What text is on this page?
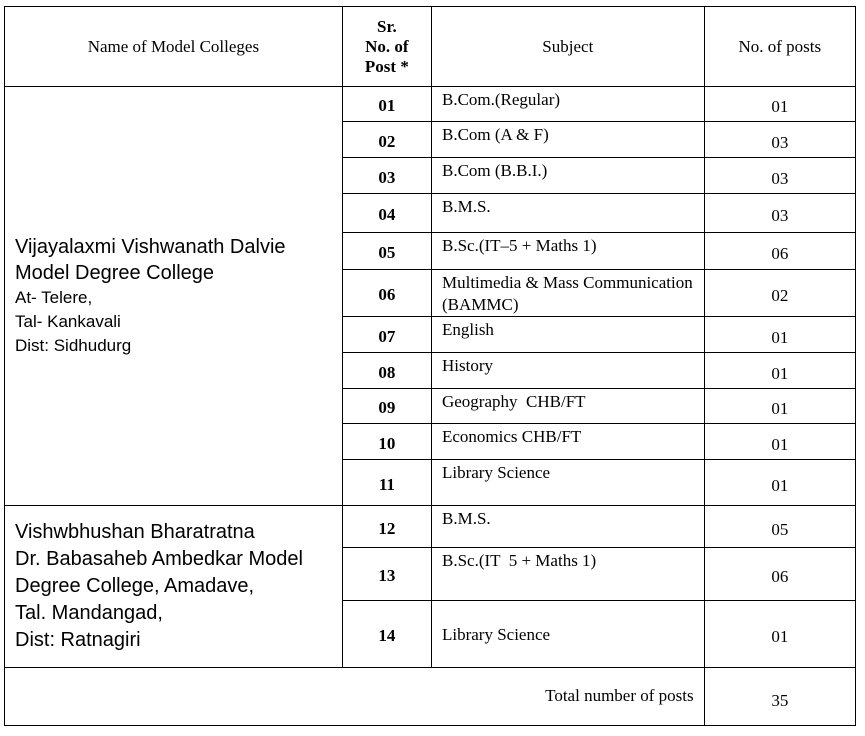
Name of Model Colleges	Sr.
No. of
Post *	Subject	No. of posts

Vijayalaxmi Vishwanath Dalvie
Model Degree College
At- Telere,
Tal- Kankavali
Dist: Sidhudurg	01	B.Com.(Regular)	01
	02	B.Com (A & F)	03
	03	B.Com (B.B.I.)	03
	04	B.M.S.	03
	05	B.Sc.(IT–5 + Maths 1)	06
	06	Multimedia & Mass Communication (BAMMC)	02
	07	English	01
	08	History	01
	09	Geography  CHB/FT	01
	10	Economics CHB/FT	01
	11	Library Science	01

Vishwbhushan Bharatratna
Dr. Babasaheb Ambedkar Model
Degree College, Amadave,
Tal. Mandangad,
Dist: Ratnagiri	12	B.M.S.	05
	13	B.Sc.(IT  5 + Maths 1)	06
	14	Library Science	01
Total number of posts			35
